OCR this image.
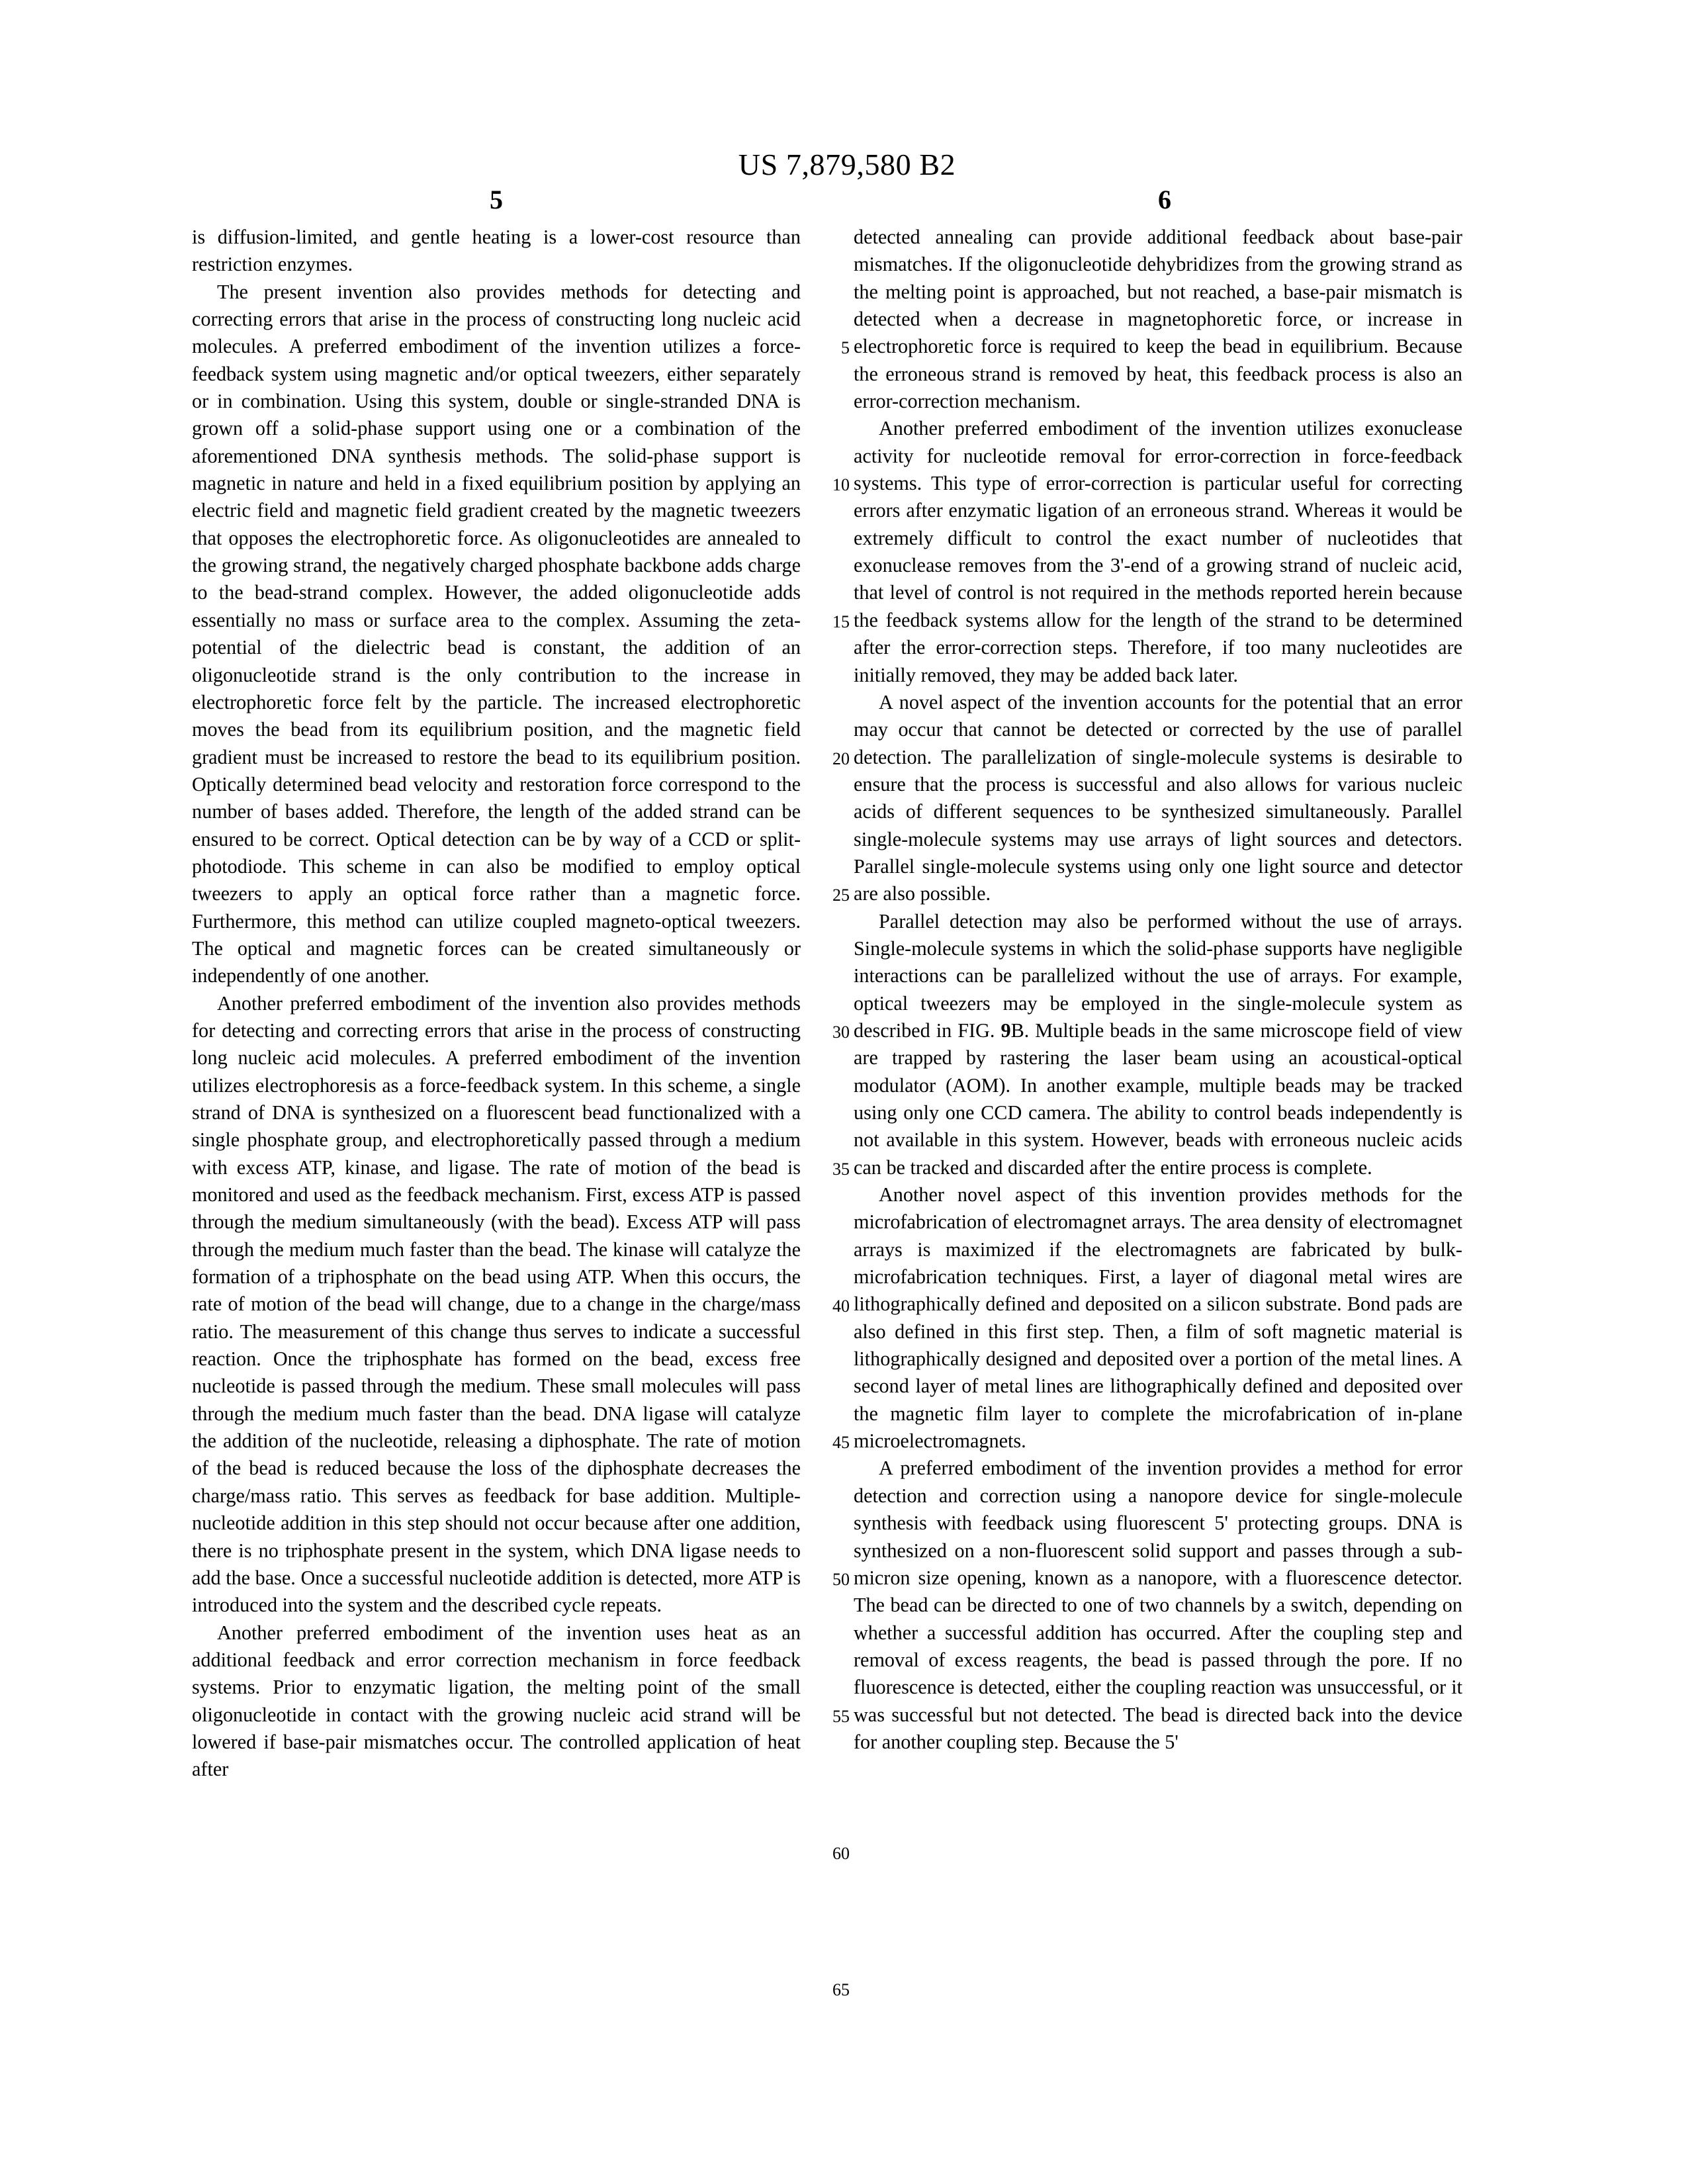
US 7,879,580 B2
5	6

is diffusion-limited, and gentle heating is a lower-cost resource than restriction enzymes.

The present invention also provides methods for detecting and correcting errors that arise in the process of constructing long nucleic acid molecules. A preferred embodiment of the invention utilizes a force-feedback system using magnetic and/or optical tweezers, either separately or in combination. Using this system, double or single-stranded DNA is grown off a solid-phase support using one or a combination of the aforementioned DNA synthesis methods. The solid-phase support is magnetic in nature and held in a fixed equilibrium position by applying an electric field and magnetic field gradient created by the magnetic tweezers that opposes the electrophoretic force. As oligonucleotides are annealed to the growing strand, the negatively charged phosphate backbone adds charge to the bead-strand complex. However, the added oligonucleotide adds essentially no mass or surface area to the complex. Assuming the zeta-potential of the dielectric bead is constant, the addition of an oligonucleotide strand is the only contribution to the increase in electrophoretic force felt by the particle. The increased electrophoretic moves the bead from its equilibrium position, and the magnetic field gradient must be increased to restore the bead to its equilibrium position. Optically determined bead velocity and restoration force correspond to the number of bases added. Therefore, the length of the added strand can be ensured to be correct. Optical detection can be by way of a CCD or split-photodiode. This scheme in can also be modified to employ optical tweezers to apply an optical force rather than a magnetic force. Furthermore, this method can utilize coupled magneto-optical tweezers. The optical and magnetic forces can be created simultaneously or independently of one another.

Another preferred embodiment of the invention also provides methods for detecting and correcting errors that arise in the process of constructing long nucleic acid molecules. A preferred embodiment of the invention utilizes electrophoresis as a force-feedback system. In this scheme, a single strand of DNA is synthesized on a fluorescent bead functionalized with a single phosphate group, and electrophoretically passed through a medium with excess ATP, kinase, and ligase. The rate of motion of the bead is monitored and used as the feedback mechanism. First, excess ATP is passed through the medium simultaneously (with the bead). Excess ATP will pass through the medium much faster than the bead. The kinase will catalyze the formation of a triphosphate on the bead using ATP. When this occurs, the rate of motion of the bead will change, due to a change in the charge/mass ratio. The measurement of this change thus serves to indicate a successful reaction. Once the triphosphate has formed on the bead, excess free nucleotide is passed through the medium. These small molecules will pass through the medium much faster than the bead. DNA ligase will catalyze the addition of the nucleotide, releasing a diphosphate. The rate of motion of the bead is reduced because the loss of the diphosphate decreases the charge/mass ratio. This serves as feedback for base addition. Multiple-nucleotide addition in this step should not occur because after one addition, there is no triphosphate present in the system, which DNA ligase needs to add the base. Once a successful nucleotide addition is detected, more ATP is introduced into the system and the described cycle repeats.

Another preferred embodiment of the invention uses heat as an additional feedback and error correction mechanism in force feedback systems. Prior to enzymatic ligation, the melting point of the small oligonucleotide in contact with the growing nucleic acid strand will be lowered if base-pair mismatches occur. The controlled application of heat after

detected annealing can provide additional feedback about base-pair mismatches. If the oligonucleotide dehybridizes from the growing strand as the melting point is approached, but not reached, a base-pair mismatch is detected when a decrease in magnetophoretic force, or increase in electrophoretic force is required to keep the bead in equilibrium. Because the erroneous strand is removed by heat, this feedback process is also an error-correction mechanism.

Another preferred embodiment of the invention utilizes exonuclease activity for nucleotide removal for error-correction in force-feedback systems. This type of error-correction is particular useful for correcting errors after enzymatic ligation of an erroneous strand. Whereas it would be extremely difficult to control the exact number of nucleotides that exonuclease removes from the 3'-end of a growing strand of nucleic acid, that level of control is not required in the methods reported herein because the feedback systems allow for the length of the strand to be determined after the error-correction steps. Therefore, if too many nucleotides are initially removed, they may be added back later.

A novel aspect of the invention accounts for the potential that an error may occur that cannot be detected or corrected by the use of parallel detection. The parallelization of single-molecule systems is desirable to ensure that the process is successful and also allows for various nucleic acids of different sequences to be synthesized simultaneously. Parallel single-molecule systems may use arrays of light sources and detectors. Parallel single-molecule systems using only one light source and detector are also possible.

Parallel detection may also be performed without the use of arrays. Single-molecule systems in which the solid-phase supports have negligible interactions can be parallelized without the use of arrays. For example, optical tweezers may be employed in the single-molecule system as described in FIG. 9B. Multiple beads in the same microscope field of view are trapped by rastering the laser beam using an acoustical-optical modulator (AOM). In another example, multiple beads may be tracked using only one CCD camera. The ability to control beads independently is not available in this system. However, beads with erroneous nucleic acids can be tracked and discarded after the entire process is complete.

Another novel aspect of this invention provides methods for the microfabrication of electromagnet arrays. The area density of electromagnet arrays is maximized if the electromagnets are fabricated by bulk-microfabrication techniques. First, a layer of diagonal metal wires are lithographically defined and deposited on a silicon substrate. Bond pads are also defined in this first step. Then, a film of soft magnetic material is lithographically designed and deposited over a portion of the metal lines. A second layer of metal lines are lithographically defined and deposited over the magnetic film layer to complete the microfabrication of in-plane microelectromagnets.

A preferred embodiment of the invention provides a method for error detection and correction using a nanopore device for single-molecule synthesis with feedback using fluorescent 5' protecting groups. DNA is synthesized on a non-fluorescent solid support and passes through a sub-micron size opening, known as a nanopore, with a fluorescence detector. The bead can be directed to one of two channels by a switch, depending on whether a successful addition has occurred. After the coupling step and removal of excess reagents, the bead is passed through the pore. If no fluorescence is detected, either the coupling reaction was unsuccessful, or it was successful but not detected. The bead is directed back into the device for another coupling step. Because the 5'

5
10
15
20
25
30
35
40
45
50
55
60
65
